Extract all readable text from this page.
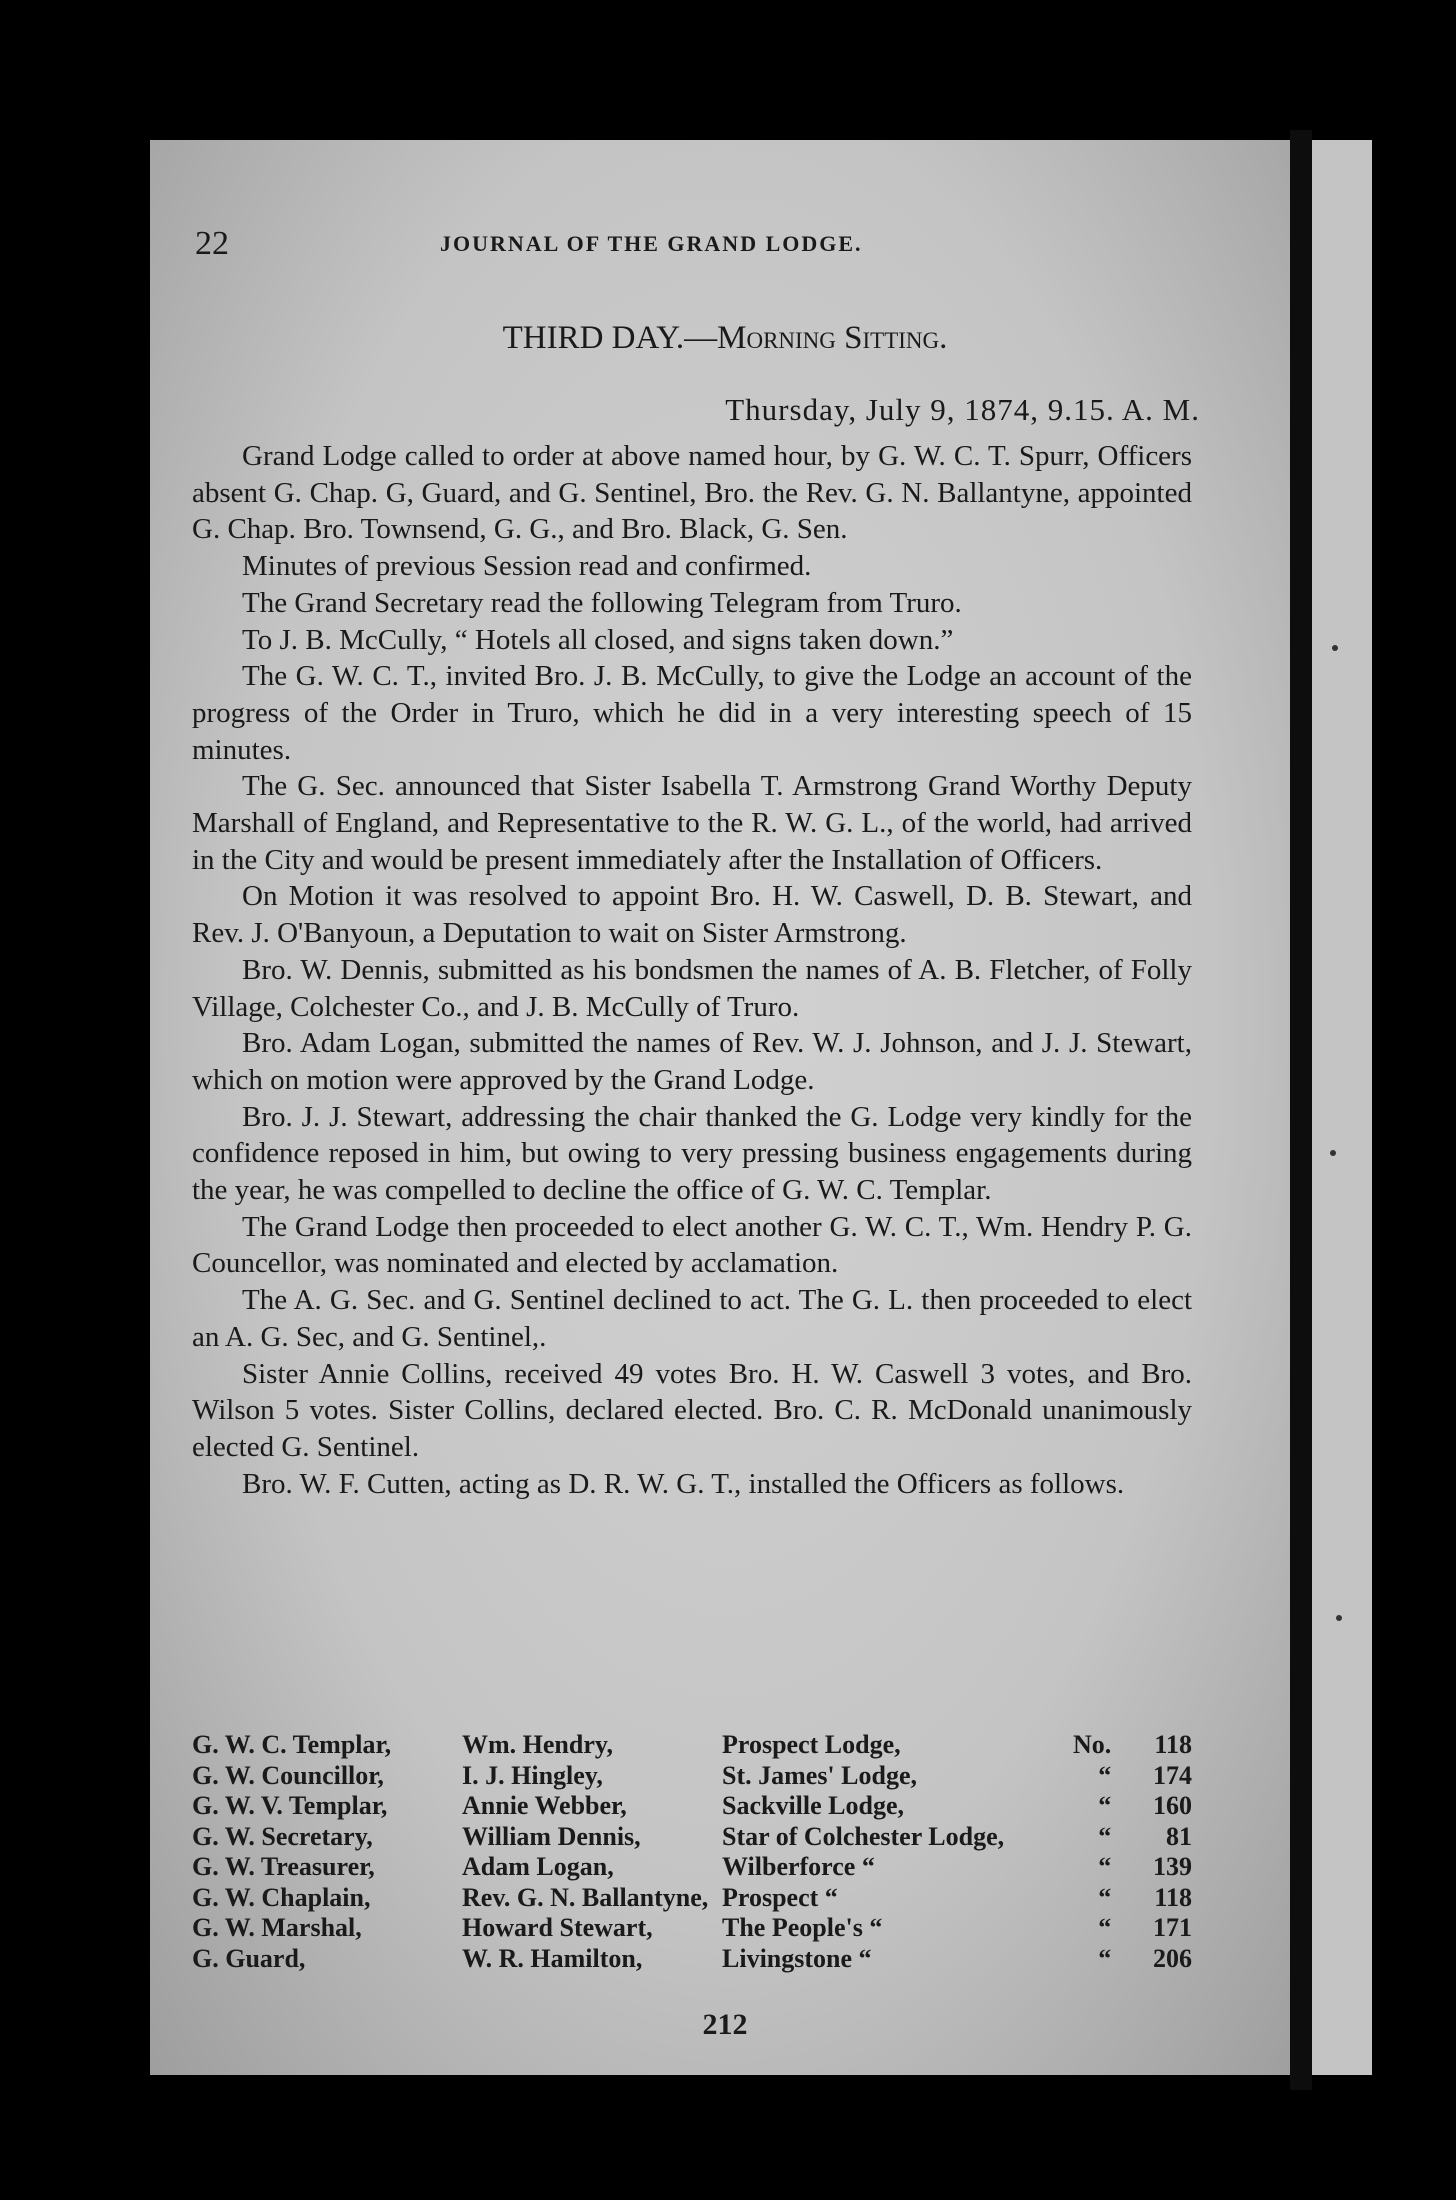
22	JOURNAL OF THE GRAND LODGE.
THIRD DAY.—Morning Sitting.
Thursday, July 9, 1874, 9.15. A. M.

Grand Lodge called to order at above named hour, by G. W. C. T. Spurr, Officers absent G. Chap. G, Guard, and G. Sentinel, Bro. the Rev. G. N. Ballantyne, appointed G. Chap. Bro. Townsend, G. G., and Bro. Black, G. Sen.

Minutes of previous Session read and confirmed.

The Grand Secretary read the following Telegram from Truro.

To J. B. McCully, “ Hotels all closed, and signs taken down.”

The G. W. C. T., invited Bro. J. B. McCully, to give the Lodge an account of the progress of the Order in Truro, which he did in a very interesting speech of 15 minutes.

The G. Sec. announced that Sister Isabella T. Armstrong Grand Worthy Deputy Marshall of England, and Representative to the R. W. G. L., of the world, had arrived in the City and would be present immediately after the Installation of Officers.

On Motion it was resolved to appoint Bro. H. W. Caswell, D. B. Stewart, and Rev. J. O'Banyoun, a Deputation to wait on Sister Armstrong.

Bro. W. Dennis, submitted as his bondsmen the names of A. B. Fletcher, of Folly Village, Colchester Co., and J. B. McCully of Truro.

Bro. Adam Logan, submitted the names of Rev. W. J. Johnson, and J. J. Stewart, which on motion were approved by the Grand Lodge.

Bro. J. J. Stewart, addressing the chair thanked the G. Lodge very kindly for the confidence reposed in him, but owing to very pressing business engagements during the year, he was compelled to decline the office of G. W. C. Templar.

The Grand Lodge then proceeded to elect another G. W. C. T., Wm. Hendry P. G. Councellor, was nominated and elected by acclamation.

The A. G. Sec. and G. Sentinel declined to act. The G. L. then proceeded to elect an A. G. Sec, and G. Sentinel,.

Sister Annie Collins, received 49 votes Bro. H. W. Caswell 3 votes, and Bro. Wilson 5 votes. Sister Collins, declared elected. Bro. C. R. McDonald unanimously elected G. Sentinel.

Bro. W. F. Cutten, acting as D. R. W. G. T., installed the Officers as follows.

G. W. C. Templar,	Wm. Hendry,	Prospect Lodge,	No.	118
G. W. Councillor,	I. J. Hingley,	St. James' Lodge,	“	174
G. W. V. Templar,	Annie Webber,	Sackville Lodge,	“	160
G. W. Secretary,	William Dennis,	Star of Colchester Lodge,	“	81
G. W. Treasurer,	Adam Logan,	Wilberforce “	“	139
G. W. Chaplain,	Rev. G. N. Ballantyne,	Prospect “	“	118
G. W. Marshal,	Howard Stewart,	The People's “	“	171
G. Guard,	W. R. Hamilton,	Livingstone “	“	206
212
